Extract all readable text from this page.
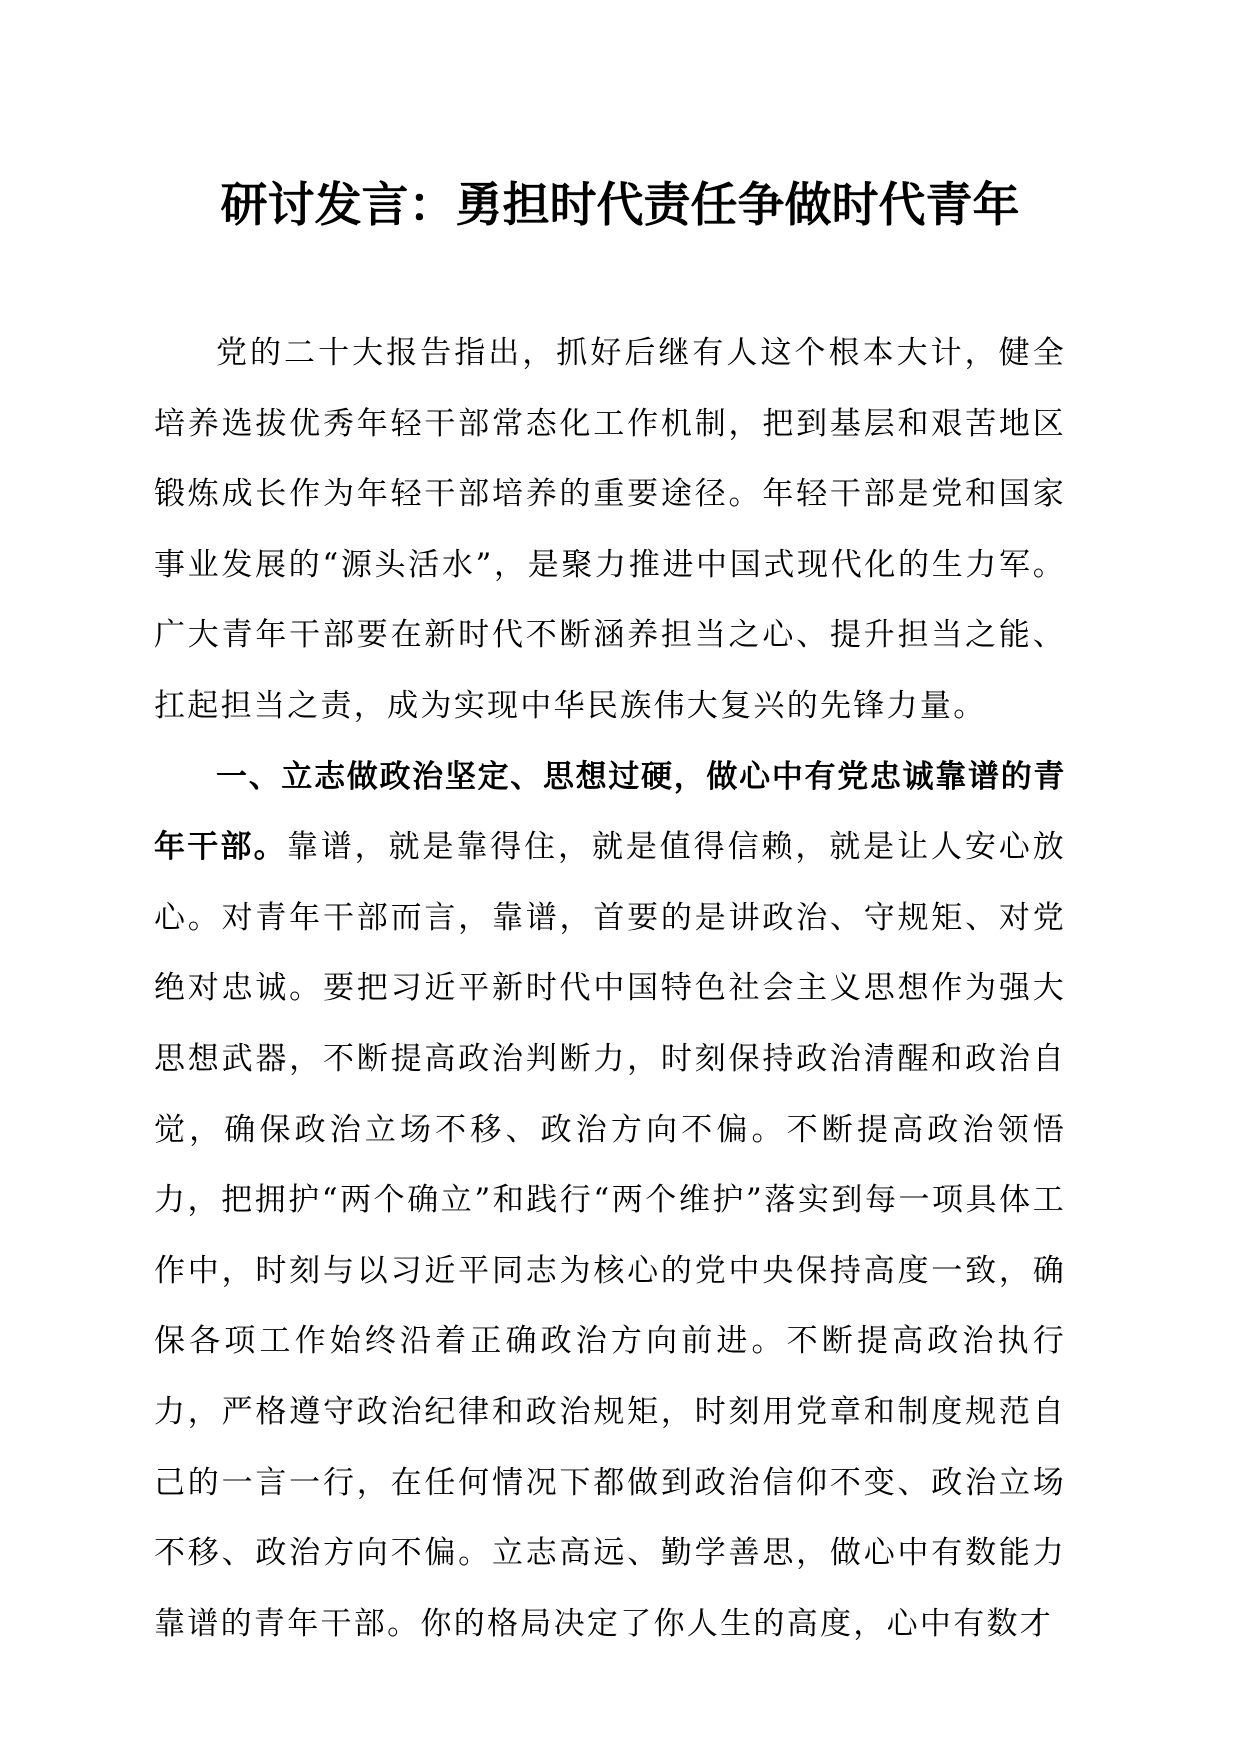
研讨发言：勇担时代责任争做时代青年

党的二十大报告指出，抓好后继有人这个根本大计，健全培养选拔优秀年轻干部常态化工作机制，把到基层和艰苦地区锻炼成长作为年轻干部培养的重要途径。年轻干部是党和国家事业发展的“源头活水”，是聚力推进中国式现代化的生力军。广大青年干部要在新时代不断涵养担当之心、提升担当之能、扛起担当之责，成为实现中华民族伟大复兴的先锋力量。

一、立志做政治坚定、思想过硬，做心中有党忠诚靠谱的青年干部。靠谱，就是靠得住，就是值得信赖，就是让人安心放心。对青年干部而言，靠谱，首要的是讲政治、守规矩、对党绝对忠诚。要把习近平新时代中国特色社会主义思想作为强大思想武器，不断提高政治判断力，时刻保持政治清醒和政治自觉，确保政治立场不移、政治方向不偏。不断提高政治领悟力，把拥护“两个确立”和践行“两个维护”落实到每一项具体工作中，时刻与以习近平同志为核心的党中央保持高度一致，确保各项工作始终沿着正确政治方向前进。不断提高政治执行力，严格遵守政治纪律和政治规矩，时刻用党章和制度规范自己的一言一行，在任何情况下都做到政治信仰不变、政治立场不移、政治方向不偏。立志高远、勤学善思，做心中有数能力靠谱的青年干部。你的格局决定了你人生的高度，心中有数才
